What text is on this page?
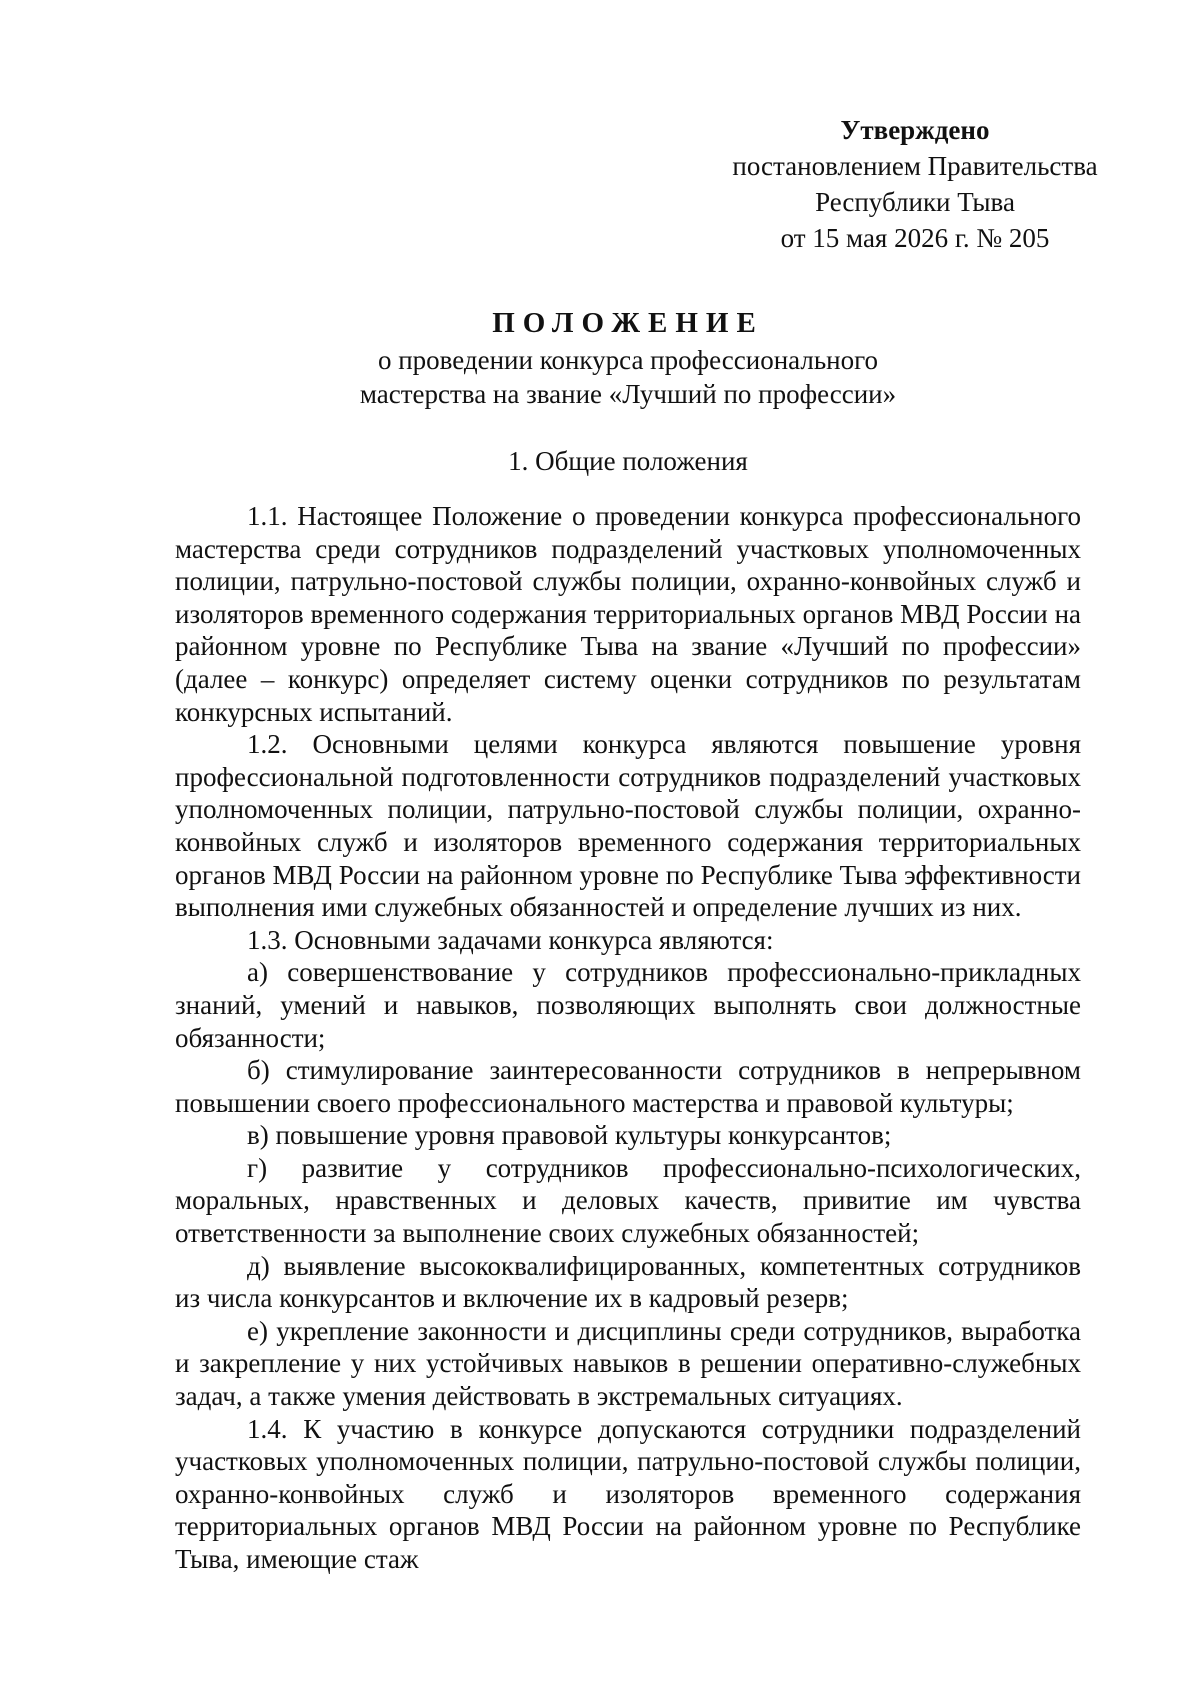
Утверждено
постановлением Правительства
Республики Тыва
от 15 мая 2026 г. № 205
ПОЛОЖЕНИЕ
о проведении конкурса профессионального
мастерства на звание «Лучший по профессии»
1. Общие положения

1.1. Настоящее Положение о проведении конкурса профессионального мастерства среди сотрудников подразделений участковых уполномоченных полиции, патрульно-постовой службы полиции, охранно-конвойных служб и изоляторов временного содержания территориальных органов МВД России на районном уровне по Республике Тыва на звание «Лучший по профессии» (далее – конкурс) определяет систему оценки сотрудников по результатам конкурсных испытаний.

1.2. Основными целями конкурса являются повышение уровня профессиональной подготовленности сотрудников подразделений участковых уполномоченных полиции, патрульно-постовой службы полиции, охранно-конвойных служб и изоляторов временного содержания территориальных органов МВД России на районном уровне по Республике Тыва эффективности выполнения ими служебных обязанностей и определение лучших из них.

1.3. Основными задачами конкурса являются:

а) совершенствование у сотрудников профессионально-прикладных знаний, умений и навыков, позволяющих выполнять свои должностные обязанности;

б) стимулирование заинтересованности сотрудников в непрерывном повышении своего профессионального мастерства и правовой культуры;

в) повышение уровня правовой культуры конкурсантов;

г) развитие у сотрудников профессионально-психологических, моральных, нравственных и деловых качеств, привитие им чувства ответственности за выполнение своих служебных обязанностей;

д) выявление высококвалифицированных, компетентных сотрудников из числа конкурсантов и включение их в кадровый резерв;

е) укрепление законности и дисциплины среди сотрудников, выработка и закрепление у них устойчивых навыков в решении оперативно-служебных задач, а также умения действовать в экстремальных ситуациях.

1.4. К участию в конкурсе допускаются сотрудники подразделений участковых уполномоченных полиции, патрульно-постовой службы полиции, охранно-конвойных служб и изоляторов временного содержания территориальных органов МВД России на районном уровне по Республике Тыва, имеющие стаж
